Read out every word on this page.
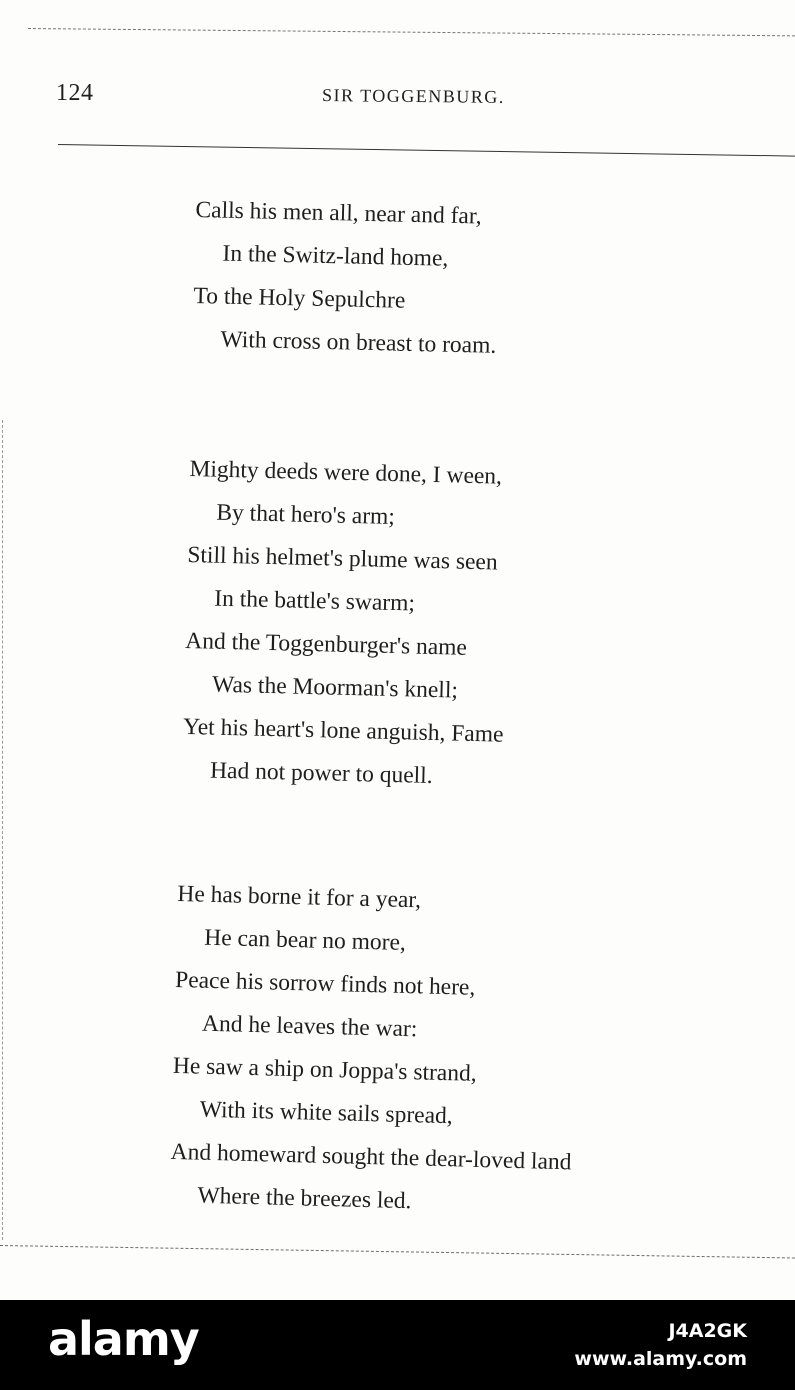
124	SIR TOGGENBURG.
Calls his men all, near and far,
In the Switz-land home,
To the Holy Sepulchre
With cross on breast to roam.
Mighty deeds were done, I ween,
By that hero's arm;
Still his helmet's plume was seen
In the battle's swarm;
And the Toggenburger's name
Was the Moorman's knell;
Yet his heart's lone anguish, Fame
Had not power to quell.
He has borne it for a year,
He can bear no more,
Peace his sorrow finds not here,
And he leaves the war:
He saw a ship on Joppa's strand,
With its white sails spread,
And homeward sought the dear-loved land
Where the breezes led.
alamy	J4A2GK
www.alamy.com
